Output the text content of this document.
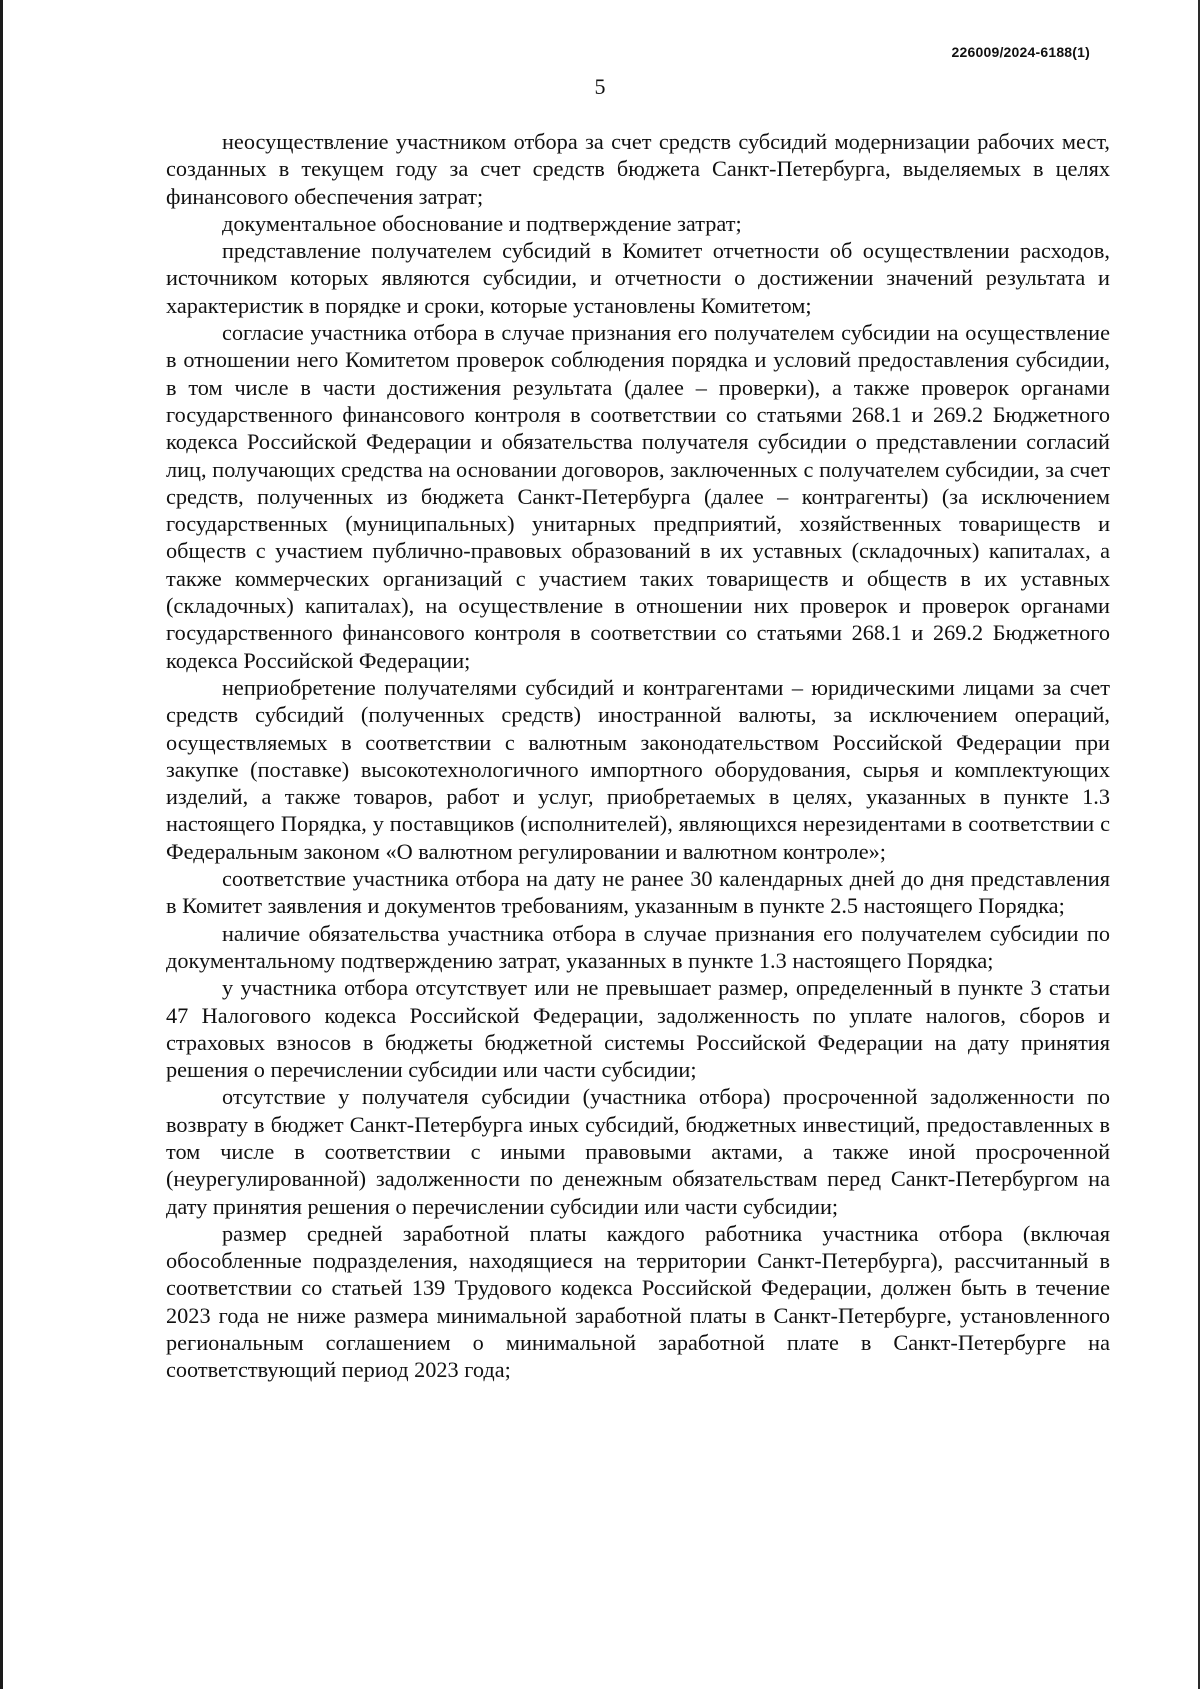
226009/2024-6188(1)
5

неосуществление участником отбора за счет средств субсидий модернизации рабочих мест, созданных в текущем году за счет средств бюджета Санкт-Петербурга, выделяемых в целях финансового обеспечения затрат;

документальное обоснование и подтверждение затрат;

представление получателем субсидий в Комитет отчетности об осуществлении расходов, источником которых являются субсидии, и отчетности о достижении значений результата и характеристик в порядке и сроки, которые установлены Комитетом;

согласие участника отбора в случае признания его получателем субсидии на осуществление в отношении него Комитетом проверок соблюдения порядка и условий предоставления субсидии, в том числе в части достижения результата (далее – проверки), а также проверок органами государственного финансового контроля в соответствии со статьями 268.1 и 269.2 Бюджетного кодекса Российской Федерации и обязательства получателя субсидии о представлении согласий лиц, получающих средства на основании договоров, заключенных с получателем субсидии, за счет средств, полученных из бюджета Санкт-Петербурга (далее – контрагенты) (за исключением государственных (муниципальных) унитарных предприятий, хозяйственных товариществ и обществ с участием публично-правовых образований в их уставных (складочных) капиталах, а также коммерческих организаций с участием таких товариществ и обществ в их уставных (складочных) капиталах), на осуществление в отношении них проверок и проверок органами государственного финансового контроля в соответствии со статьями 268.1 и 269.2 Бюджетного кодекса Российской Федерации;

неприобретение получателями субсидий и контрагентами – юридическими лицами за счет средств субсидий (полученных средств) иностранной валюты, за исключением операций, осуществляемых в соответствии с валютным законодательством Российской Федерации при закупке (поставке) высокотехнологичного импортного оборудования, сырья и комплектующих изделий, а также товаров, работ и услуг, приобретаемых в целях, указанных в пункте 1.3 настоящего Порядка, у поставщиков (исполнителей), являющихся нерезидентами в соответствии с Федеральным законом «О валютном регулировании и валютном контроле»;

соответствие участника отбора на дату не ранее 30 календарных дней до дня представления в Комитет заявления и документов требованиям, указанным в пункте 2.5 настоящего Порядка;

наличие обязательства участника отбора в случае признания его получателем субсидии по документальному подтверждению затрат, указанных в пункте 1.3 настоящего Порядка;

у участника отбора отсутствует или не превышает размер, определенный в пункте 3 статьи 47 Налогового кодекса Российской Федерации, задолженность по уплате налогов, сборов и страховых взносов в бюджеты бюджетной системы Российской Федерации на дату принятия решения о перечислении субсидии или части субсидии;

отсутствие у получателя субсидии (участника отбора) просроченной задолженности по возврату в бюджет Санкт-Петербурга иных субсидий, бюджетных инвестиций, предоставленных в том числе в соответствии с иными правовыми актами, а также иной просроченной (неурегулированной) задолженности по денежным обязательствам перед Санкт-Петербургом на дату принятия решения о перечислении субсидии или части субсидии;

размер средней заработной платы каждого работника участника отбора (включая обособленные подразделения, находящиеся на территории Санкт-Петербурга), рассчитанный в соответствии со статьей 139 Трудового кодекса Российской Федерации, должен быть в течение 2023 года не ниже размера минимальной заработной платы в Санкт-Петербурге, установленного региональным соглашением о минимальной заработной плате в Санкт-Петербурге на соответствующий период 2023 года;
